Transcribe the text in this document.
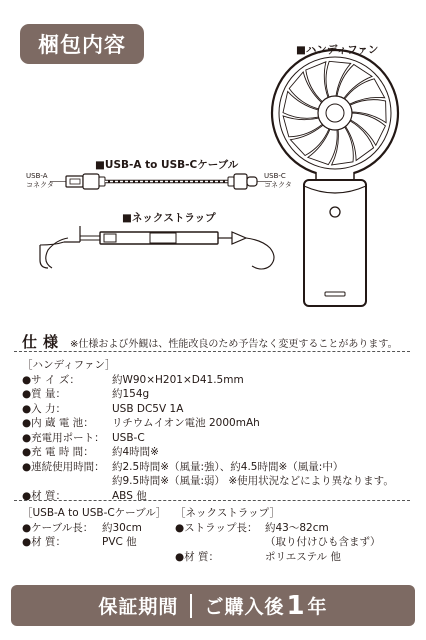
梱包内容	■ハンディファン
■USB-A to USB-Cケーブル
USB-A
コネクタ
USB-C
コネクタ
■ネックストラップ
仕様 ※仕様および外観は、性能改良のため予告なく変更することがあります。
［ハンディファン］
● サ イ ズ：	約W90×H201×D41.5mm
● 質 量：	約154g
● 入 力：	USB DC5V 1A
● 内 蔵 電 池：	リチウムイオン電池 2000mAh
● 充電用ポート： USB-C
● 充 電 時 間：	約4時間※
● 連続使用時間： 約2.5時間※（風量:強）、約4.5時間※（風量:中）
約9.5時間※（風量:弱） ※使用状況などにより異なります。
● 材 質：	ABS 他
［USB-A to USB-Cケーブル］
● ケーブル長： 約30cm
● 材 質：	PVC 他
［ネックストラップ］
● ストラップ長： 約43〜82cm
（取り付けひも含まず）
● 材 質：	ポリエステル 他
保証期間 ご購入後 1 年
